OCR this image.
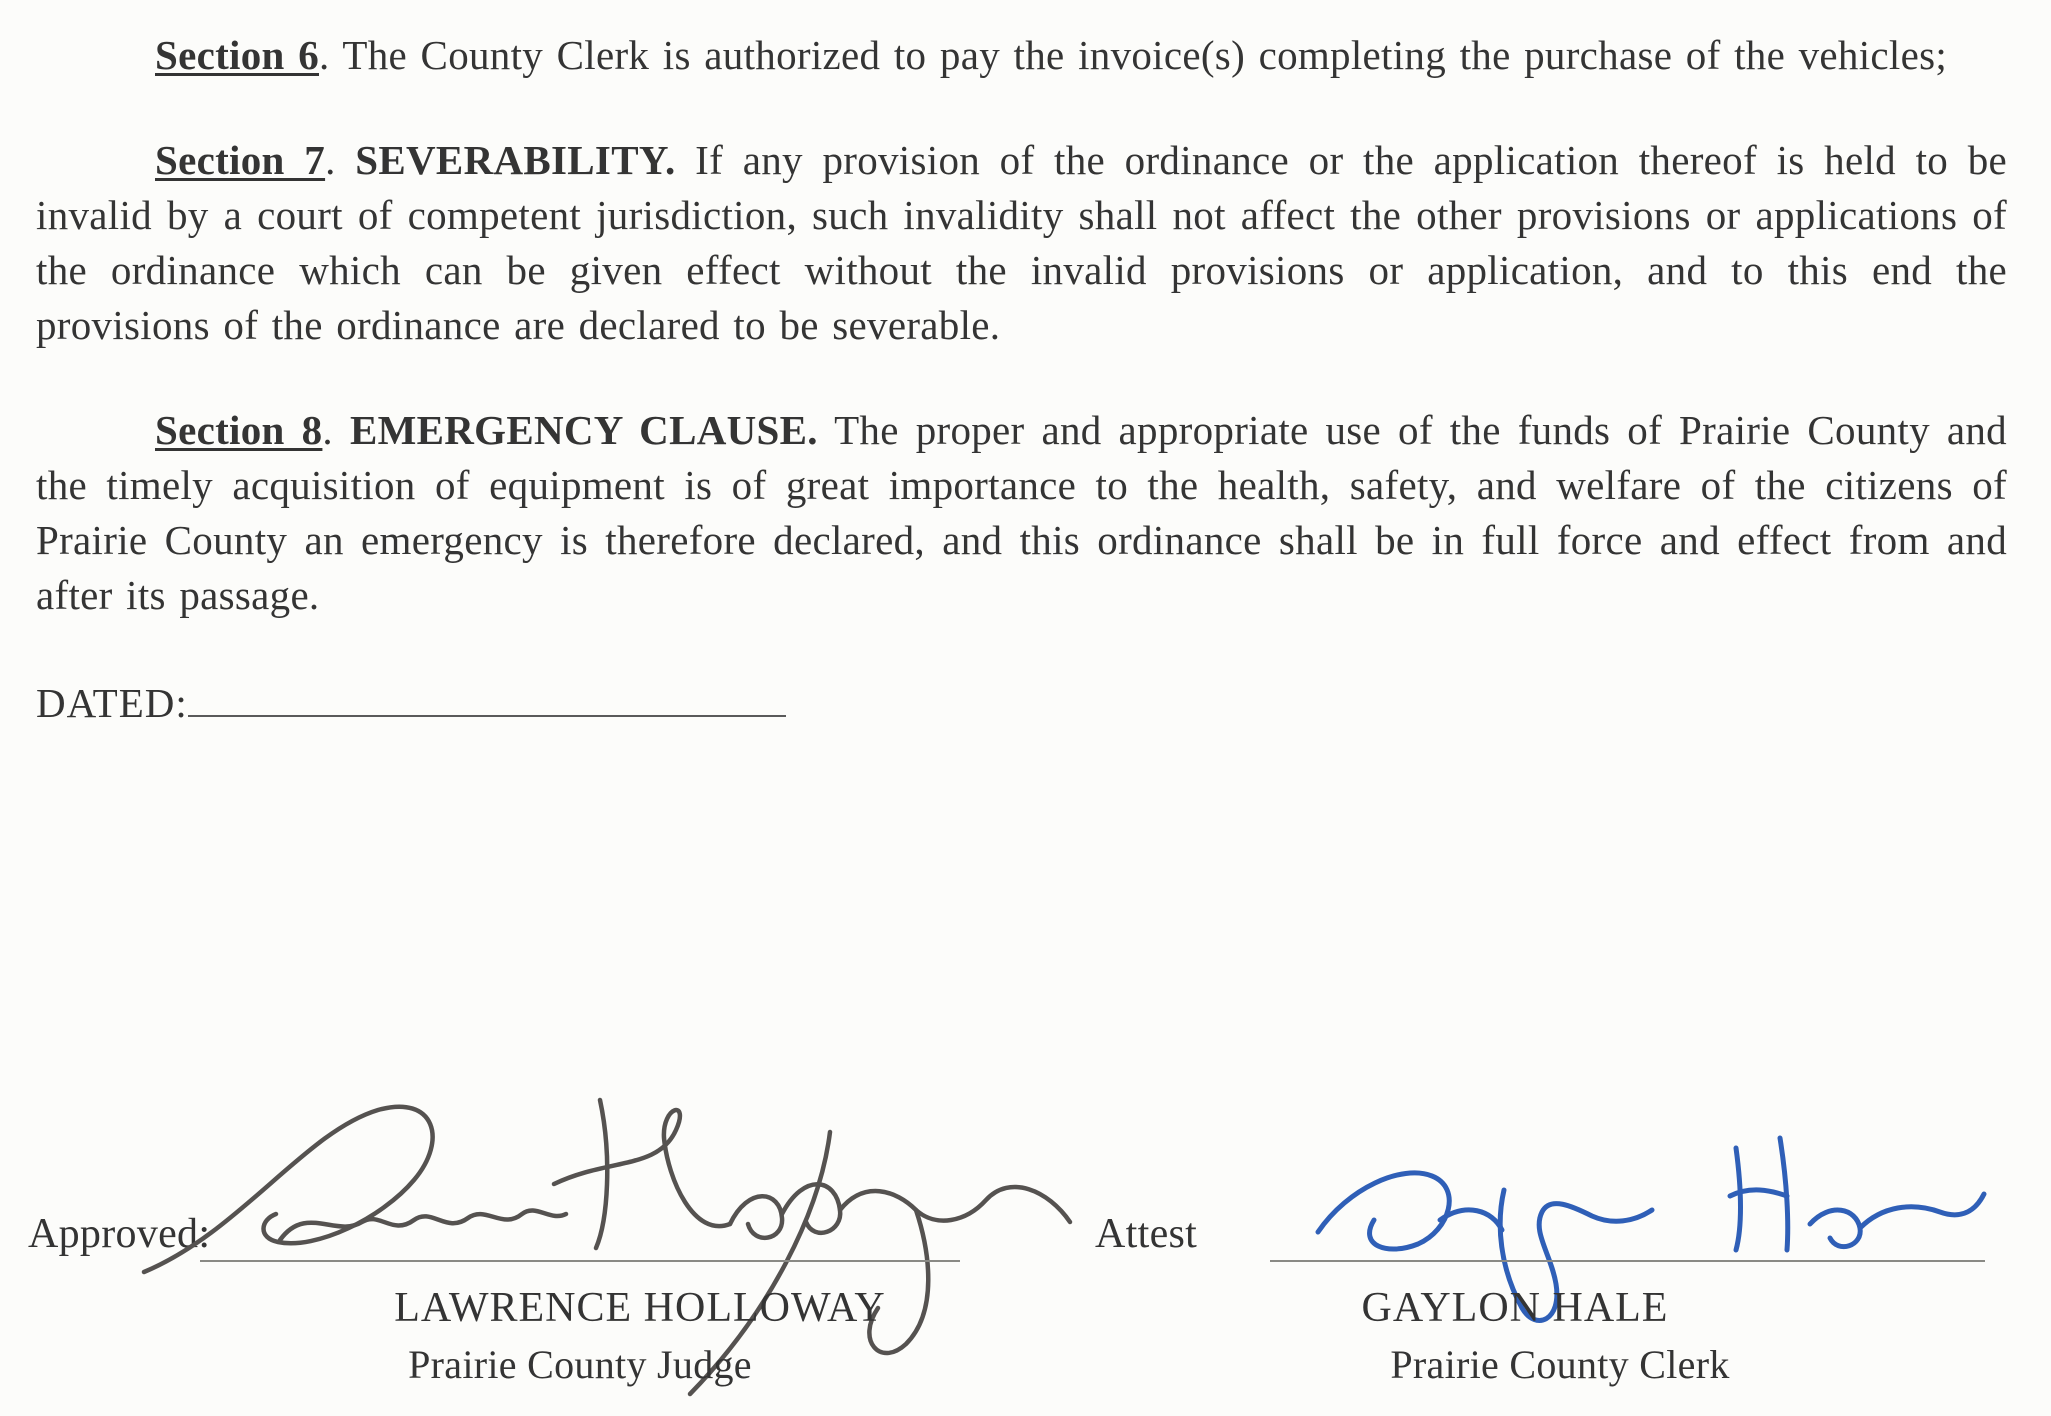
Section 6. The County Clerk is authorized to pay the invoice(s) completing the purchase of the vehicles;

Section 7. SEVERABILITY. If any provision of the ordinance or the application thereof is held to be invalid by a court of competent jurisdiction, such invalidity shall not affect the other provisions or applications of the ordinance which can be given effect without the invalid provisions or application, and to this end the provisions of the ordinance are declared to be severable.

Section 8. EMERGENCY CLAUSE. The proper and appropriate use of the funds of Prairie County and the timely acquisition of equipment is of great importance to the health, safety, and welfare of the citizens of Prairie County an emergency is therefore declared, and this ordinance shall be in full force and effect from and after its passage.

DATED:
Approved:
LAWRENCE HOLLOWAY
Prairie County Judge
Attest
GAYLON HALE
Prairie County Clerk
